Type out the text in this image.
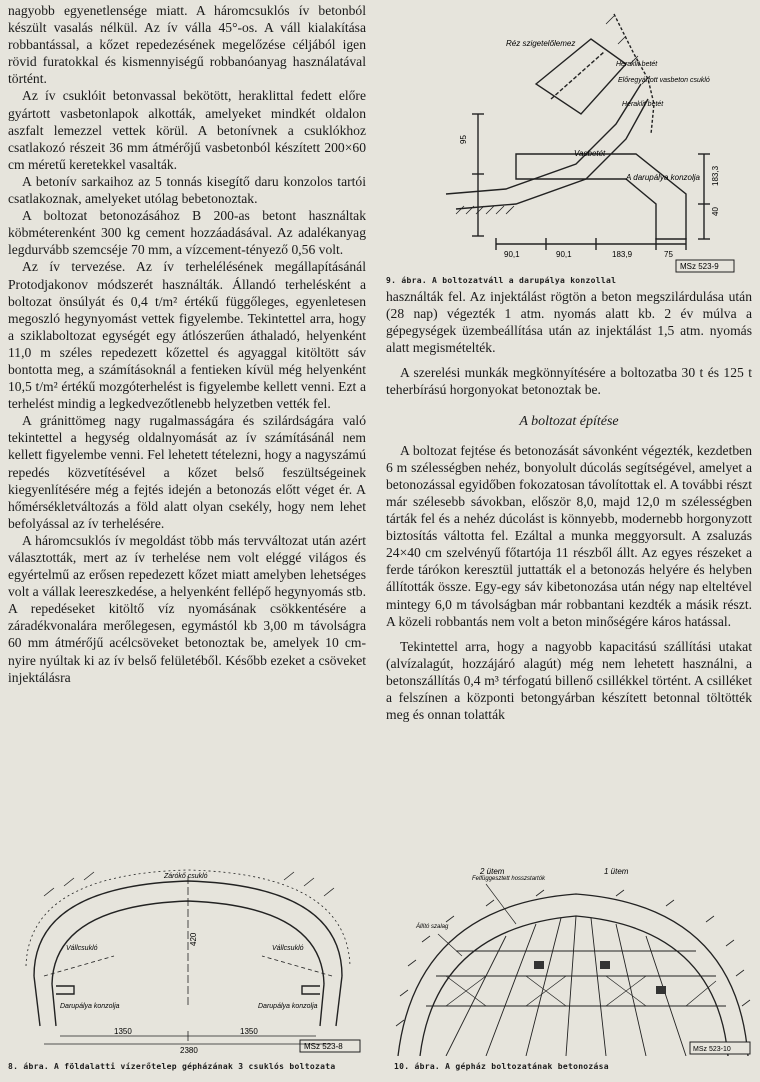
nagyobb egyenetlensége miatt. A háromcsuklós ív betonból készült vasalás nélkül. Az ív válla 45°-os. A váll kialakítása robbantással, a kőzet repedezésének megelőzése céljából igen rövid furatokkal és kismennyiségű robbanóanyag használatával történt.

Az ív csuklóit betonvassal bekötött, heraklittal fedett előre gyártott vasbetonlapok alkották, amelyeket mindkét oldalon aszfalt lemezzel vettek körül. A betonívnek a csuklókhoz csatlakozó részeit 36 mm átmérőjű vasbetonból készített 200×60 cm méretű keretekkel vasalták.

A betonív sarkaihoz az 5 tonnás kisegítő daru konzolos tartói csatlakoznak, amelyeket utólag bebetonoztak.

A boltozat betonozásához B 200-as betont használtak köbméterenként 300 kg cement hozzáadásával. Az adalékanyag legdurvább szemcséje 70 mm, a vízcement-tényező 0,56 volt.

Az ív tervezése. Az ív terhelélésének megállapításánál Protodjakonov módszerét használták. Állandó terhelésként a boltozat önsúlyát és 0,4 t/m² értékű függőleges, egyenletesen megoszló hegynyomást vettek figyelembe. Tekintettel arra, hogy a sziklaboltozat egységét egy átlószerűen áthaladó, helyenként 11,0 m széles repedezett kőzettel és agyaggal kitöltött sáv bontotta meg, a számításoknál a fentieken kívül még helyenként 10,5 t/m² értékű mozgóterhelést is figyelembe kellett venni. Ezt a terhelést mindig a legkedvezőtlenebb helyzetben vették fel.

A gránittömeg nagy rugalmasságára és szilárdságára való tekintettel a hegység oldalnyomását az ív számításánál nem kellett figyelembe venni. Fel lehetett tételezni, hogy a nagyszámú repedés közvetítésével a kőzet belső feszültségeinek kiegyenlítésére még a fejtés idején a betonozás előtt véget ér. A hőmérsékletváltozás a föld alatt olyan csekély, hogy nem lehet befolyással az ív terhelésére.

A háromcsuklós ív megoldást több más tervváltozat után azért választották, mert az ív terhelése nem volt eléggé világos és egyértelmű az erősen repedezett kőzet miatt amelyben lehetséges volt a vállak leereszkedése, a helyenként fellépő hegynyomás stb. A repedéseket kitöltő víz nyomásának csökkentésére a záradékvonalára merőlegesen, egymástól kb 3,00 m távolságra 60 mm átmérőjű acélcsöveket betonoztak be, amelyek 10 cm-nyire nyúltak ki az ív belső felületéből. Később ezeket a csöveket injektálásra

Réz szigetelőlemez
Heraklit betét
Előregyártott vasbeton csukló
Heraklit betét
Vasbetét
A darupálya konzolja
90,1	90,1	183,9	75
95
40
183,3
MSz 523-9
9. ábra. A boltozatváll a darupálya konzollal

használták fel. Az injektálást rögtön a beton megszilárdulása után (28 nap) végezték 1 atm. nyomás alatt kb. 2 év múlva a gépegységek üzembeállítása után az injektálást 1,5 atm. nyomás alatt megismételték.

A szerelési munkák megkönnyítésére a boltozatba 30 t és 125 t teherbírású horgonyokat betonoztak be.

A boltozat építése

A boltozat fejtése és betonozását sávonként végezték, kezdetben 6 m szélességben nehéz, bonyolult dúcolás segítségével, amelyet a betonozással egyidőben fokozatosan távolítottak el. A további részt már szélesebb sávokban, először 8,0, majd 12,0 m szélességben tárták fel és a nehéz dúcolást is könnyebb, modernebb horgonyzott biztosítás váltotta fel. Ezáltal a munka meggyorsult. A zsaluzás 24×40 cm szelvényű főtartója 11 részből állt. Az egyes részeket a ferde tárókon keresztül juttatták el a betonozás helyére és helyben állították össze. Egy-egy sáv kibetonozása után négy nap elteltével mintegy 6,0 m távolságban már robbantani kezdték a másik részt. A közeli robbantás nem volt a beton minőségére káros hatással.

Tekintettel arra, hogy a nagyobb kapacitású szállítási utakat (alvízalagút, hozzájáró alagút) még nem lehetett használni, a betonszállítás 0,4 m³ térfogatú billenő csillékkel történt. A csilléket a felszínen a központi betongyárban készített betonnal töltötték meg és onnan tolatták

Zárókő csukló
Vállcsukló	Vállcsukló
Darupálya konzolja	Darupálya konzolja
1350	1350
2380
420
MSz 523-8
8. ábra. A földalatti vízerőtelep gépházának 3 csuklós boltozata
2 ütem	1 ütem
Felfüggesztett hosszstartók
Állító szalag
MSz 523-10
10. ábra. A gépház boltozatának betonozása
